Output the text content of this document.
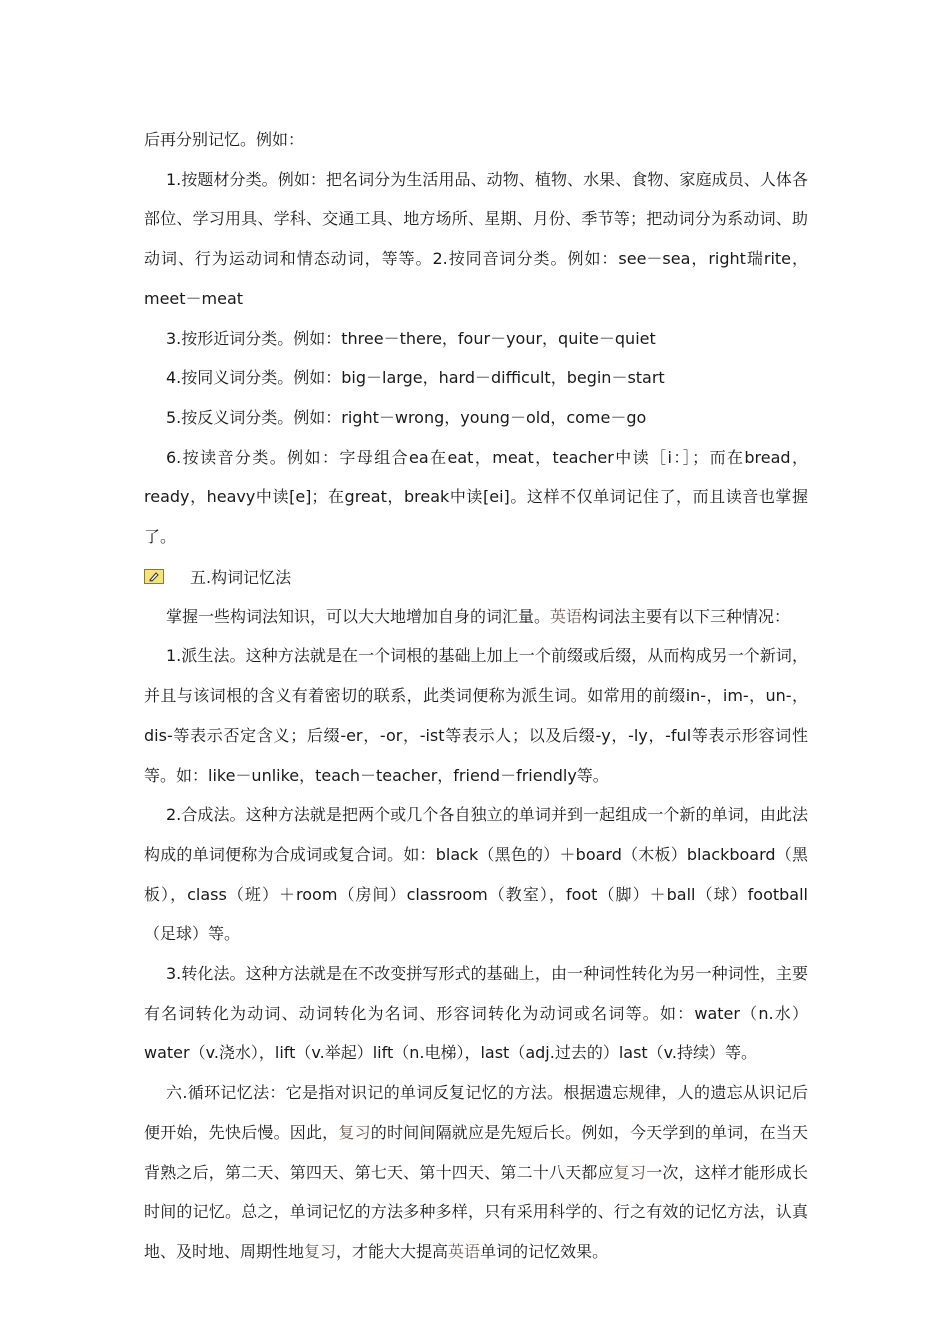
后再分别记忆。例如：

1.按题材分类。例如：把名词分为生活用品、动物、植物、水果、食物、家庭成员、人体各部位、学习用具、学科、交通工具、地方场所、星期、月份、季节等；把动词分为系动词、助动词、行为运动词和情态动词，等等。2.按同音词分类。例如：see－sea，right瑞rite，meet－meat

3.按形近词分类。例如：three－there，four－your，quite－quiet

4.按同义词分类。例如：big－large，hard－difficult，begin－start

5.按反义词分类。例如：right－wrong，young－old，come－go

6.按读音分类。例如：字母组合ea在eat，meat，teacher中读［i：］；而在bread，ready，heavy中读[e]；在great，break中读[ei]。这样不仅单词记住了，而且读音也掌握了。

五.构词记忆法

掌握一些构词法知识，可以大大地增加自身的词汇量。英语构词法主要有以下三种情况：

1.派生法。这种方法就是在一个词根的基础上加上一个前缀或后缀，从而构成另一个新词，并且与该词根的含义有着密切的联系，此类词便称为派生词。如常用的前缀in-，im-，un-，dis-等表示否定含义；后缀-er，-or，-ist等表示人；以及后缀-y，-ly，-ful等表示形容词性等。如：like－unlike，teach－teacher，friend－friendly等。

2.合成法。这种方法就是把两个或几个各自独立的单词并到一起组成一个新的单词，由此法构成的单词便称为合成词或复合词。如：black（黑色的）＋board（木板）blackboard（黑板），class（班）＋room（房间）classroom（教室），foot（脚）＋ball（球）football（足球）等。

3.转化法。这种方法就是在不改变拼写形式的基础上，由一种词性转化为另一种词性，主要有名词转化为动词、动词转化为名词、形容词转化为动词或名词等。如：water（n.水）water（v.浇水），lift（v.举起）lift（n.电梯），last（adj.过去的）last（v.持续）等。

六.循环记忆法：它是指对识记的单词反复记忆的方法。根据遗忘规律，人的遗忘从识记后便开始，先快后慢。因此，复习的时间间隔就应是先短后长。例如，今天学到的单词，在当天背熟之后，第二天、第四天、第七天、第十四天、第二十八天都应复习一次，这样才能形成长时间的记忆。总之，单词记忆的方法多种多样，只有采用科学的、行之有效的记忆方法，认真地、及时地、周期性地复习，才能大大提高英语单词的记忆效果。
